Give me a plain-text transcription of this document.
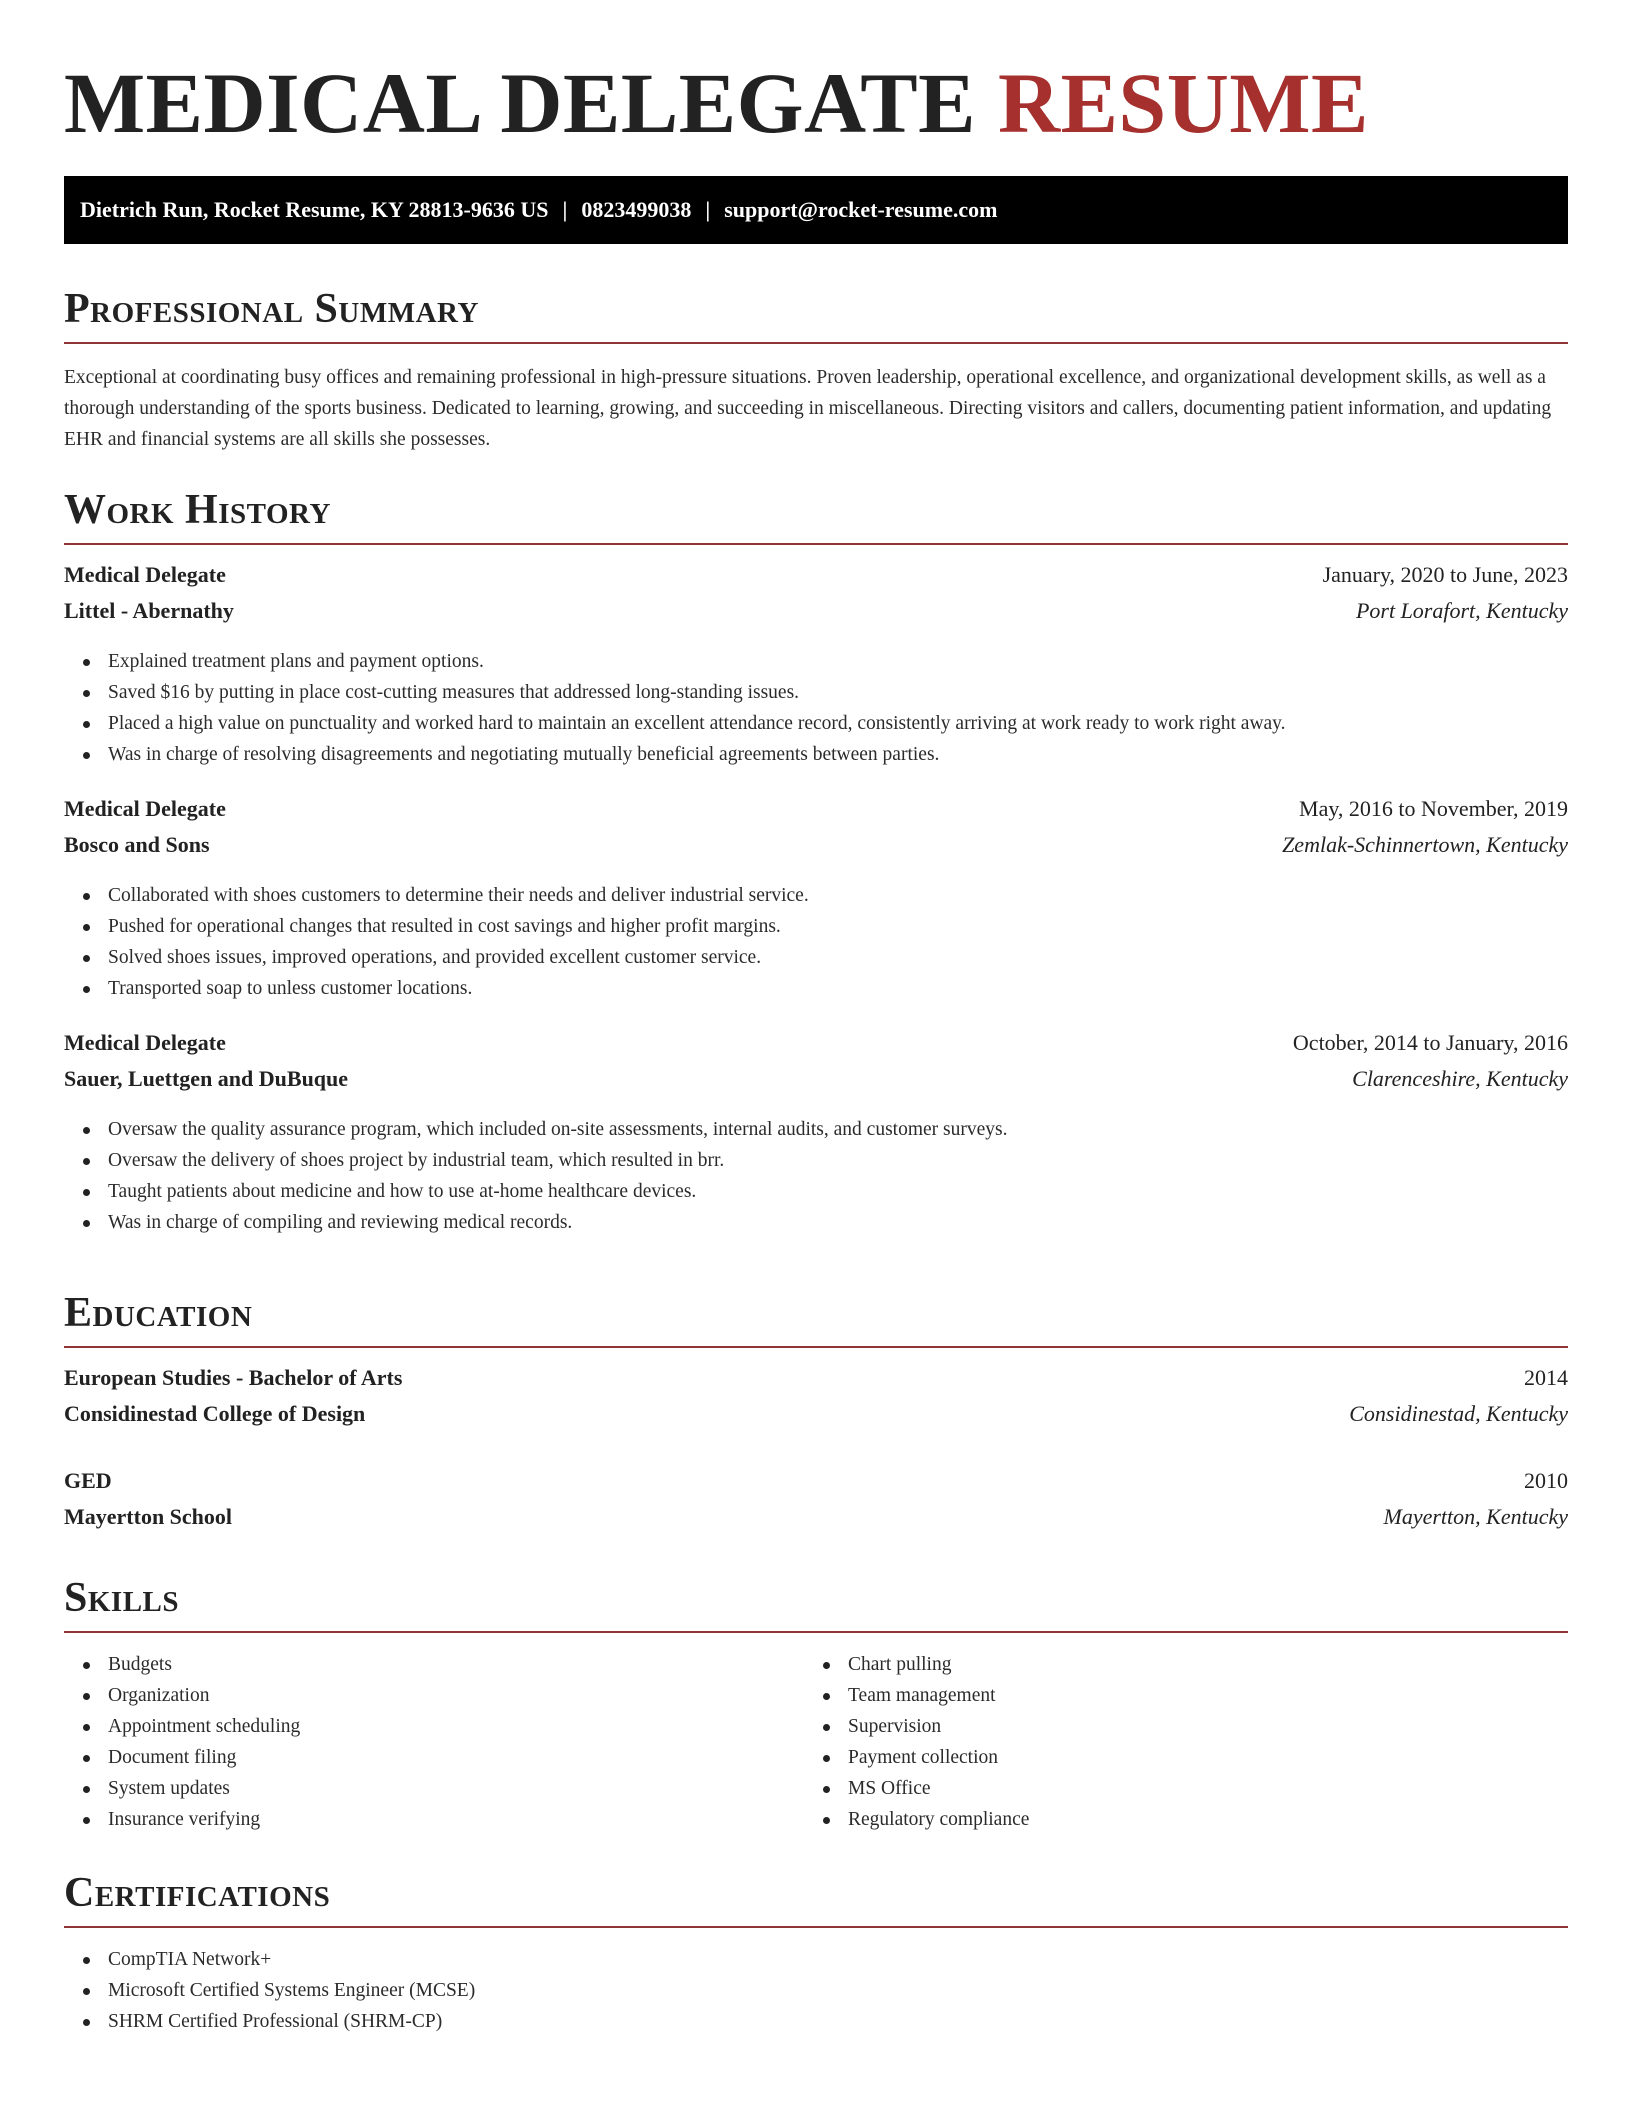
MEDICAL DELEGATE RESUME
Dietrich Run, Rocket Resume, KY 28813-9636 US | 0823499038 | support@rocket-resume.com
Professional Summary

Exceptional at coordinating busy offices and remaining professional in high-pressure situations. Proven leadership, operational excellence, and organizational development skills, as well as a thorough understanding of the sports business. Dedicated to learning, growing, and succeeding in miscellaneous. Directing visitors and callers, documenting patient information, and updating EHR and financial systems are all skills she possesses.

Work History
Medical Delegate	January, 2020 to June, 2023
Littel - Abernathy	Port Lorafort, Kentucky
Explained treatment plans and payment options.
Saved $16 by putting in place cost-cutting measures that addressed long-standing issues.
Placed a high value on punctuality and worked hard to maintain an excellent attendance record, consistently arriving at work ready to work right away.
Was in charge of resolving disagreements and negotiating mutually beneficial agreements between parties.
Medical Delegate	May, 2016 to November, 2019
Bosco and Sons	Zemlak-Schinnertown, Kentucky
Collaborated with shoes customers to determine their needs and deliver industrial service.
Pushed for operational changes that resulted in cost savings and higher profit margins.
Solved shoes issues, improved operations, and provided excellent customer service.
Transported soap to unless customer locations.
Medical Delegate	October, 2014 to January, 2016
Sauer, Luettgen and DuBuque	Clarenceshire, Kentucky
Oversaw the quality assurance program, which included on-site assessments, internal audits, and customer surveys.
Oversaw the delivery of shoes project by industrial team, which resulted in brr.
Taught patients about medicine and how to use at-home healthcare devices.
Was in charge of compiling and reviewing medical records.
Education
European Studies - Bachelor of Arts	2014
Considinestad College of Design	Considinestad, Kentucky
GED	2010
Mayertton School	Mayertton, Kentucky
Skills
Budgets
Organization
Appointment scheduling
Document filing
System updates
Insurance verifying
Chart pulling
Team management
Supervision
Payment collection
MS Office
Regulatory compliance
Certifications
CompTIA Network+
Microsoft Certified Systems Engineer (MCSE)
SHRM Certified Professional (SHRM-CP)
